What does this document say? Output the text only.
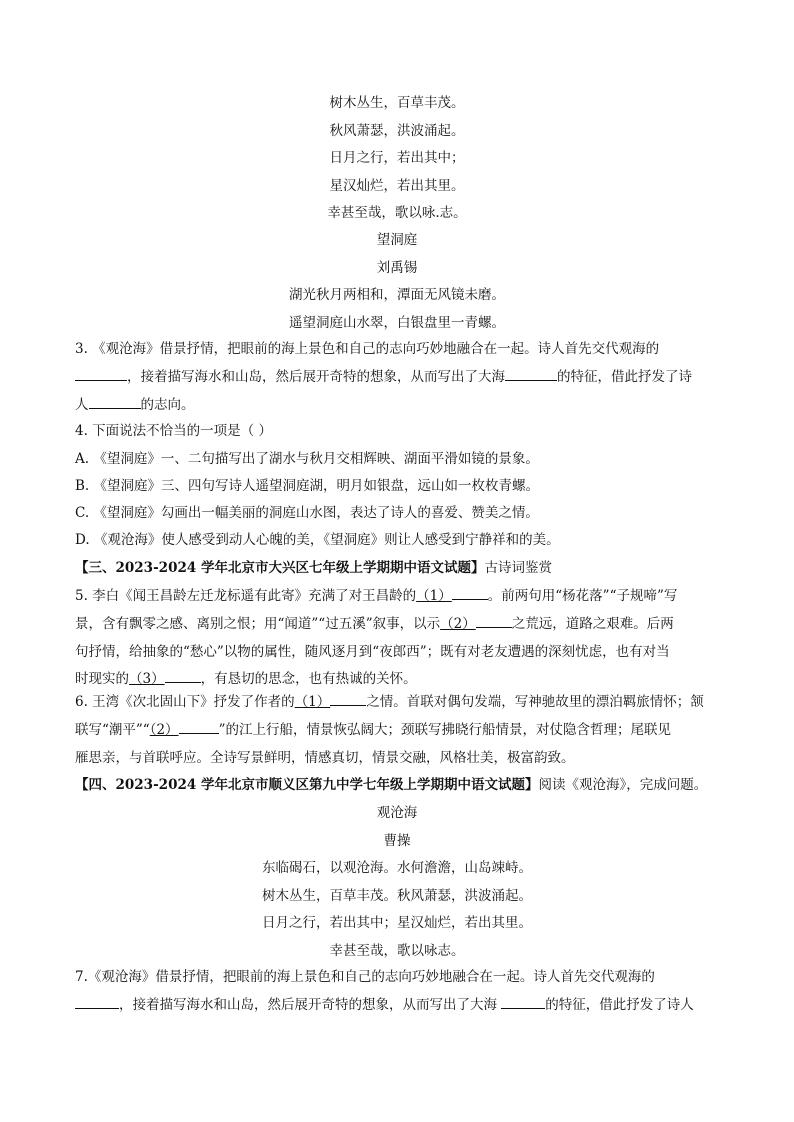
树木丛生，百草丰茂。
秋风萧瑟，洪波涌起。
日月之行，若出其中；
星汉灿烂，若出其里。
幸甚至哉，歌以咏.志。
望洞庭
刘禹锡
湖光秋月两相和，潭面无风镜未磨。
遥望洞庭山水翠，白银盘里一青螺。
3. 《观沧海》借景抒情，把眼前的海上景色和自己的志向巧妙地融合在一起。诗人首先交代观海的
，接着描写海水和山岛，然后展开奇特的想象，从而写出了大海	的特征，借此抒发了诗
人	的志向。
4. 下面说法不恰当的一项是（ ）
A. 《望洞庭》一、二句描写出了湖水与秋月交相辉映、湖面平滑如镜的景象。
B. 《望洞庭》三、四句写诗人遥望洞庭湖，明月如银盘，远山如一枚枚青螺。
C. 《望洞庭》勾画出一幅美丽的洞庭山水图，表达了诗人的喜爱、赞美之情。
D. 《观沧海》使人感受到动人心魄的美，《望洞庭》则让人感受到宁静祥和的美。
【三、2023-2024 学年北京市大兴区七年级上学期期中语文试题】古诗词鉴赏
5. 李白《闻王昌龄左迁龙标遥有此寄》充满了对王昌龄的（1）	。前两句用“杨花落”“子规啼”写
景，含有飘零之感、离别之恨；用“闻道”“过五溪”叙事，以示（2）	之荒远，道路之艰难。后两
句抒情，给抽象的“愁心”以物的属性，随风逐月到“夜郎西”；既有对老友遭遇的深刻忧虑，也有对当
时现实的（3）	，有恳切的思念，也有热诚的关怀。
6. 王湾《次北固山下》抒发了作者的（1）	之情。首联对偶句发端，写神驰故里的漂泊羁旅情怀；颔
联写“潮平”“（2）	”的江上行船，情景恢弘阔大；颈联写拂晓行船情景，对仗隐含哲理；尾联见
雁思亲，与首联呼应。全诗写景鲜明，情感真切，情景交融，风格壮美，极富韵致。
【四、2023-2024 学年北京市顺义区第九中学七年级上学期期中语文试题】阅读《观沧海》，完成问题。
观沧海
曹操
东临碣石，以观沧海。水何澹澹，山岛竦峙。
树木丛生，百草丰茂。秋风萧瑟，洪波涌起。
日月之行，若出其中；星汉灿烂，若出其里。
幸甚至哉，歌以咏志。
7.《观沧海》借景抒情，把眼前的海上景色和自己的志向巧妙地融合在一起。诗人首先交代观海的
，接着描写海水和山岛，然后展开奇特的想象，从而写出了大海	的特征，借此抒发了诗人
